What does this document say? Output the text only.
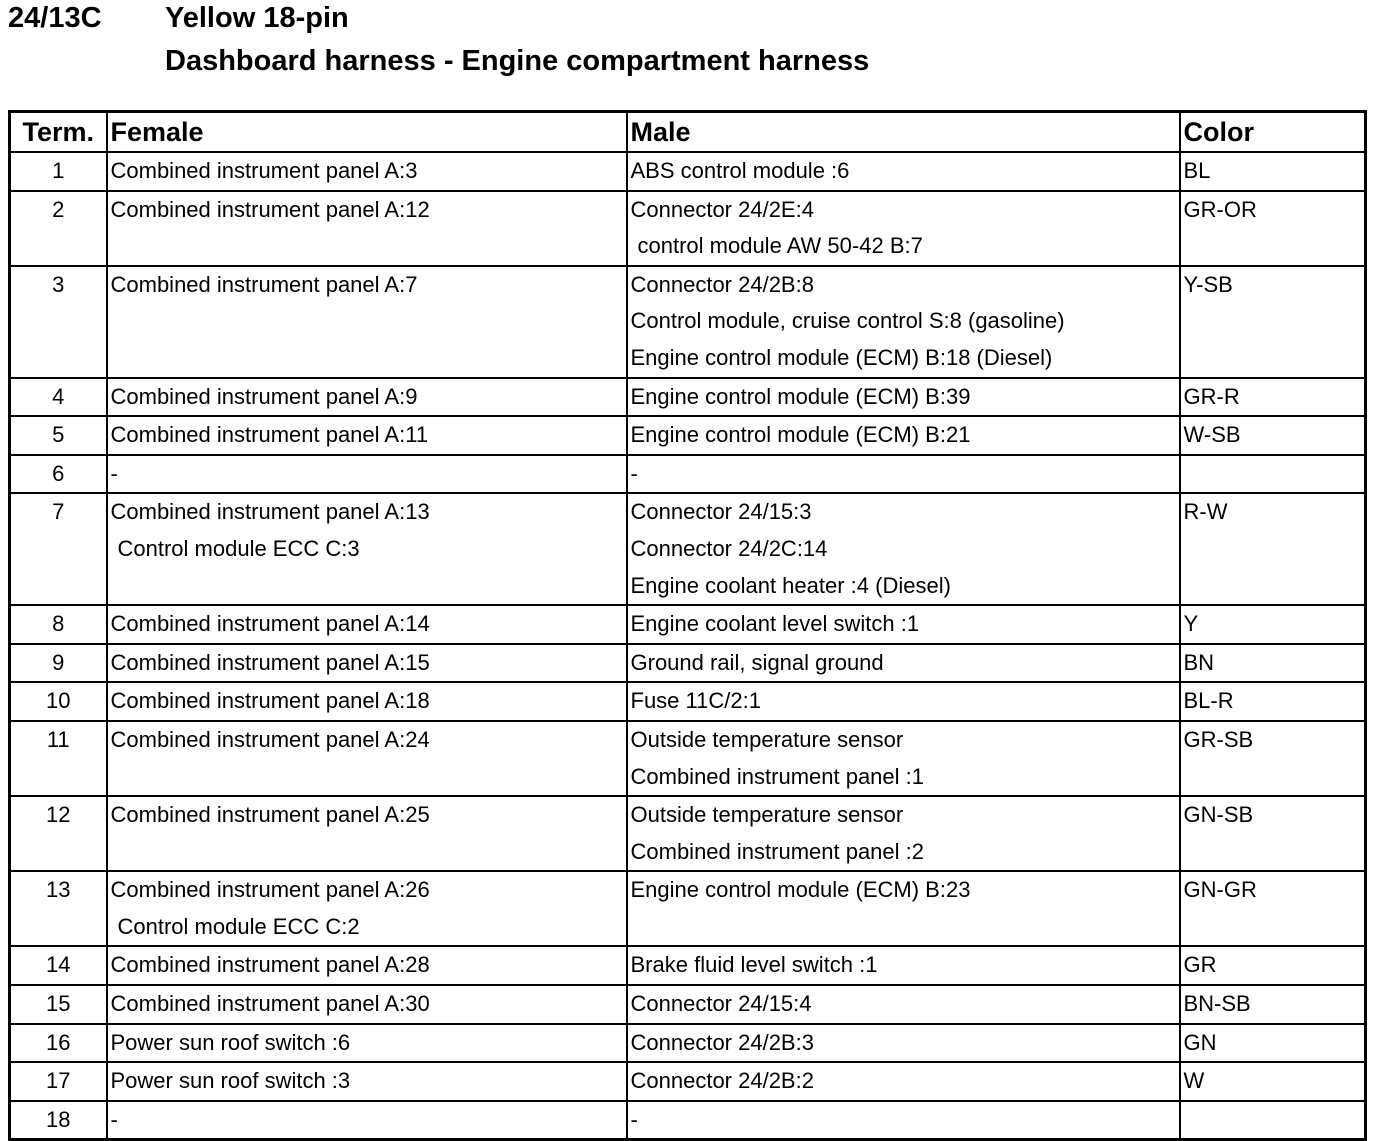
24/13C Yellow 18-pin
Dashboard harness - Engine compartment harness
Term.	Female	Male	Color
1	Combined instrument panel A:3	ABS control module :6	BL
2	Combined instrument panel A:12	Connector 24/2E:4
control module AW 50-42 B:7	GR-OR
3	Combined instrument panel A:7	Connector 24/2B:8
Control module, cruise control S:8 (gasoline)
Engine control module (ECM) B:18 (Diesel)	Y-SB
4	Combined instrument panel A:9	Engine control module (ECM) B:39	GR-R
5	Combined instrument panel A:11	Engine control module (ECM) B:21	W-SB
6	-	-	

7	Combined instrument panel A:13
Control module ECC C:3	Connector 24/15:3
Connector 24/2C:14
Engine coolant heater :4 (Diesel)	R-W
8	Combined instrument panel A:14	Engine coolant level switch :1	Y
9	Combined instrument panel A:15	Ground rail, signal ground	BN
10	Combined instrument panel A:18	Fuse 11C/2:1	BL-R
11	Combined instrument panel A:24	Outside temperature sensor
Combined instrument panel :1	GR-SB
12	Combined instrument panel A:25	Outside temperature sensor
Combined instrument panel :2	GN-SB
13	Combined instrument panel A:26
Control module ECC C:2	Engine control module (ECM) B:23	GN-GR
14	Combined instrument panel A:28	Brake fluid level switch :1	GR
15	Combined instrument panel A:30	Connector 24/15:4	BN-SB
16	Power sun roof switch :6	Connector 24/2B:3	GN
17	Power sun roof switch :3	Connector 24/2B:2	W
18	-	-	
